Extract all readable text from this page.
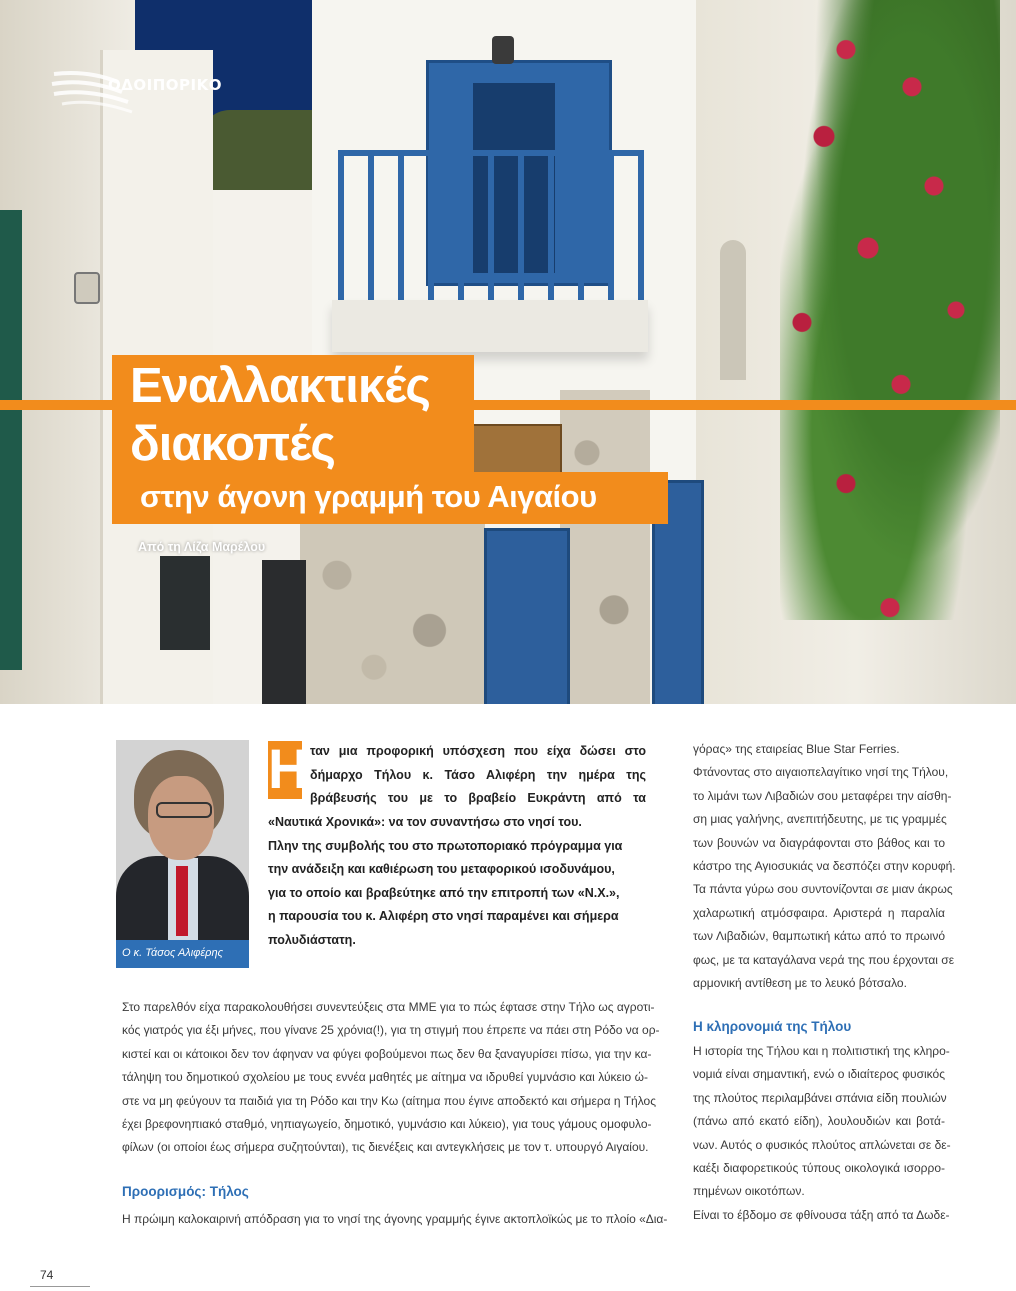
ΟΔΟΙΠΟΡΙΚΟ
Εναλλακτικές
διακοπές
στην άγονη γραμμή του Αιγαίου
Από τη Λίζα Μαρέλου
Ο κ. Τάσος Αλιφέρης
Η ταν μια προφορική υπόσχεση που είχα δώσει στο
δήμαρχο Τήλου κ. Τάσο Αλιφέρη την ημέρα της
βράβευσής του με το βραβείο Ευκράντη από τα
«Ναυτικά Χρονικά»: να τον συναντήσω στο νησί του.
Πλην της συμβολής του στο πρωτοποριακό πρόγραμμα για
την ανάδειξη και καθιέρωση του μεταφορικού ισοδυνάμου,
για το οποίο και βραβεύτηκε από την επιτροπή των «Ν.Χ.»,
η παρουσία του κ. Αλιφέρη στο νησί παραμένει και σήμερα
πολυδιάστατη.
Στο παρελθόν είχα παρακολουθήσει συνεντεύξεις στα ΜΜΕ για το πώς έφτασε στην Τήλο ως αγροτι-
κός γιατρός για έξι μήνες, που γίνανε 25 χρόνια(!), για τη στιγμή που έπρεπε να πάει στη Ρόδο να ορ-
κιστεί και οι κάτοικοι δεν τον άφηναν να φύγει φοβούμενοι πως δεν θα ξαναγυρίσει πίσω, για την κα-
τάληψη του δημοτικού σχολείου με τους εννέα μαθητές με αίτημα να ιδρυθεί γυμνάσιο και λύκειο ώ-
στε να μη φεύγουν τα παιδιά για τη Ρόδο και την Κω (αίτημα που έγινε αποδεκτό και σήμερα η Τήλος
έχει βρεφονηπιακό σταθμό, νηπιαγωγείο, δημοτικό, γυμνάσιο και λύκειο), για τους γάμους ομοφυλο-
φίλων (οι οποίοι έως σήμερα συζητούνται), τις διενέξεις και αντεγκλήσεις με τον τ. υπουργό Αιγαίου.
Προορισμός: Τήλος
Η πρώιμη καλοκαιρινή απόδραση για το νησί της άγονης γραμμής έγινε ακτοπλοϊκώς με το πλοίο «Δια-
γόρας» της εταιρείας Blue Star Ferries.
Φτάνοντας στο αιγαιοπελαγίτικο νησί της Τήλου,
το λιμάνι των Λιβαδιών σου μεταφέρει την αίσθη-
ση μιας γαλήνης, ανεπιτήδευτης, με τις γραμμές
των βουνών να διαγράφονται στο βάθος και το
κάστρο της Αγιοσυκιάς να δεσπόζει στην κορυφή.
Τα πάντα γύρω σου συντονίζονται σε μιαν άκρως
χαλαρωτική ατμόσφαιρα. Αριστερά η παραλία
των Λιβαδιών, θαμπωτική κάτω από το πρωινό
φως, με τα καταγάλανα νερά της που έρχονται σε
αρμονική αντίθεση με το λευκό βότσαλο.
Η κληρονομιά της Τήλου
Η ιστορία της Τήλου και η πολιτιστική της κληρο-
νομιά είναι σημαντική, ενώ ο ιδιαίτερος φυσικός
της πλούτος περιλαμβάνει σπάνια είδη πουλιών
(πάνω από εκατό είδη), λουλουδιών και βοτά-
νων. Αυτός ο φυσικός πλούτος απλώνεται σε δε-
καέξι διαφορετικούς τύπους οικολογικά ισορρο-
πημένων οικοτόπων.
Είναι το έβδομο σε φθίνουσα τάξη από τα Δωδε-
74
